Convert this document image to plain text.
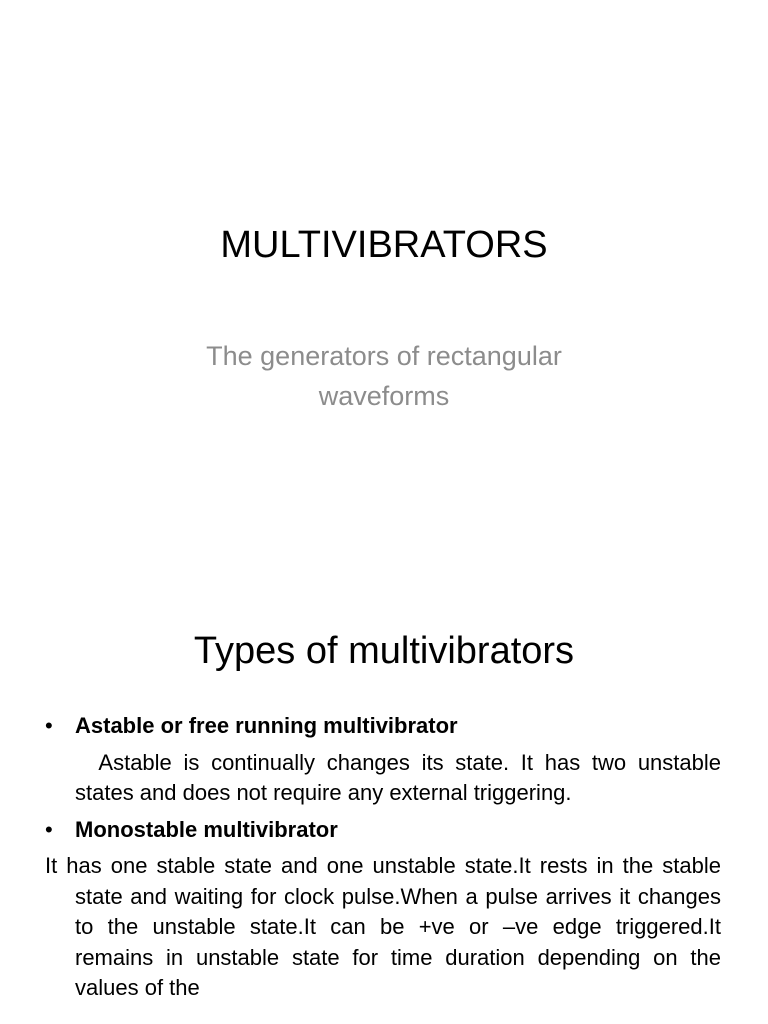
MULTIVIBRATORS
The generators of rectangular waveforms
Types of multivibrators
• Astable or free running multivibrator
Astable is continually changes its state. It has two unstable states and does not require any external triggering.
• Monostable multivibrator
It has one stable state and one unstable state.It rests in the stable state and waiting for clock pulse.When a pulse arrives it changes to the unstable state.It can be +ve or –ve edge triggered.It remains in unstable state for time duration depending on the values of the
